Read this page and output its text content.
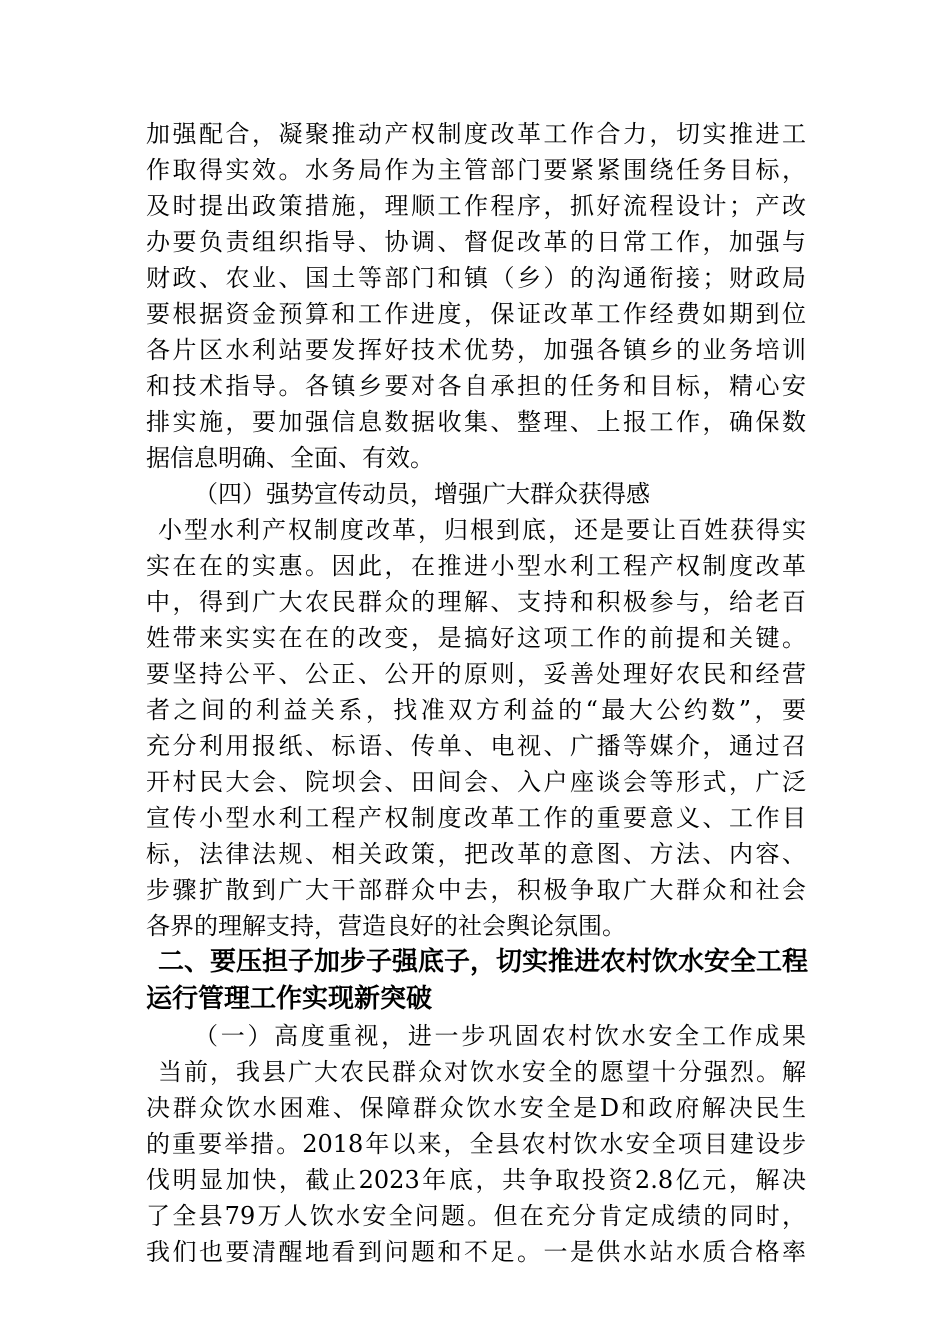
加强配合，凝聚推动产权制度改革工作合力，切实推进工
作取得实效。水务局作为主管部门要紧紧围绕任务目标，
及时提出政策措施，理顺工作程序，抓好流程设计；产改
办要负责组织指导、协调、督促改革的日常工作，加强与
财政、农业、国土等部门和镇（乡）的沟通衔接；财政局
要根据资金预算和工作进度，保证改革工作经费如期到位
各片区水利站要发挥好技术优势，加强各镇乡的业务培训
和技术指导。各镇乡要对各自承担的任务和目标，精心安
排实施，要加强信息数据收集、整理、上报工作，确保数
据信息明确、全面、有效。
（四）强势宣传动员，增强广大群众获得感
小型水利产权制度改革，归根到底，还是要让百姓获得实
实在在的实惠。因此，在推进小型水利工程产权制度改革
中，得到广大农民群众的理解、支持和积极参与，给老百
姓带来实实在在的改变，是搞好这项工作的前提和关键。
要坚持公平、公正、公开的原则，妥善处理好农民和经营
者之间的利益关系，找准双方利益的“最大公约数”，要
充分利用报纸、标语、传单、电视、广播等媒介，通过召
开村民大会、院坝会、田间会、入户座谈会等形式，广泛
宣传小型水利工程产权制度改革工作的重要意义、工作目
标，法律法规、相关政策，把改革的意图、方法、内容、
步骤扩散到广大干部群众中去，积极争取广大群众和社会
各界的理解支持，营造良好的社会舆论氛围。
二、要压担子加步子强底子，切实推进农村饮水安全工程
运行管理工作实现新突破
（一）高度重视，进一步巩固农村饮水安全工作成果
当前，我县广大农民群众对饮水安全的愿望十分强烈。解
决群众饮水困难、保障群众饮水安全是D和政府解决民生
的重要举措。2018年以来，全县农村饮水安全项目建设步
伐明显加快，截止2023年底，共争取投资2.8亿元，解决
了全县79万人饮水安全问题。但在充分肯定成绩的同时，
我们也要清醒地看到问题和不足。一是供水站水质合格率
